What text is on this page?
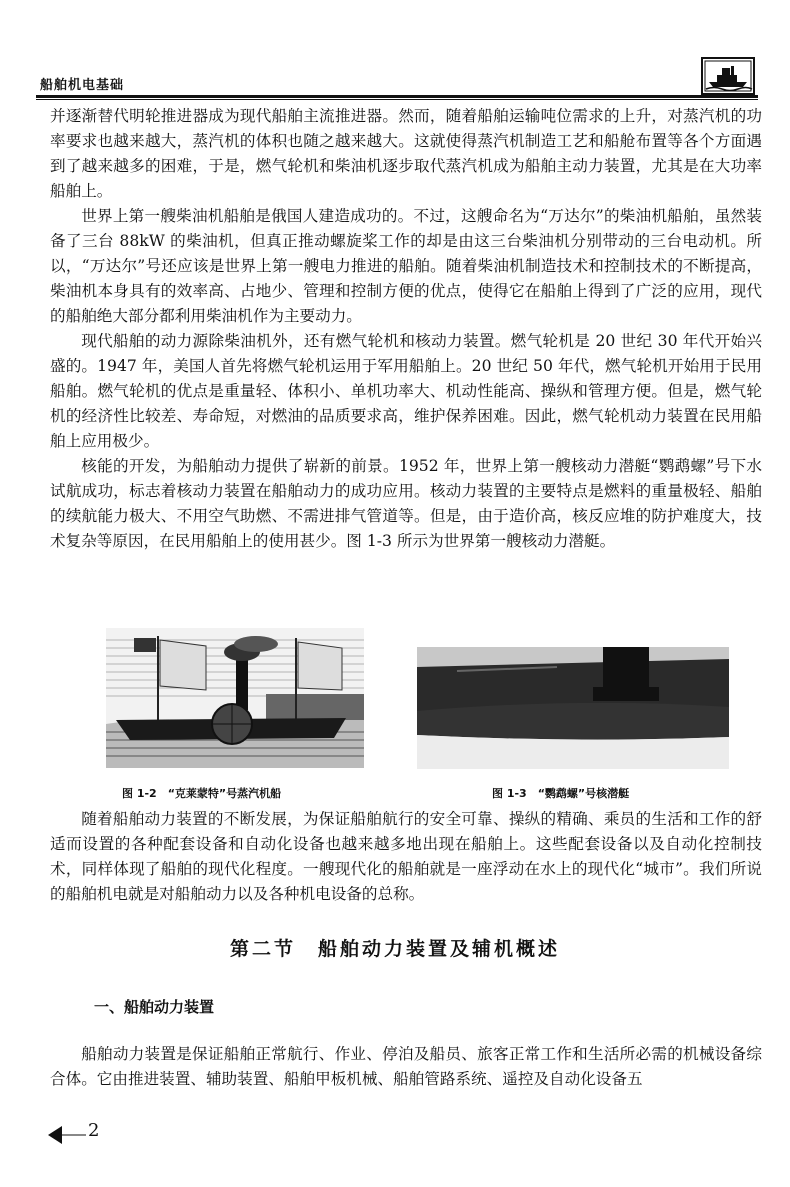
船舶机电基础

并逐渐替代明轮推进器成为现代船舶主流推进器。然而，随着船舶运输吨位需求的上升，对蒸汽机的功率要求也越来越大，蒸汽机的体积也随之越来越大。这就使得蒸汽机制造工艺和船舱布置等各个方面遇到了越来越多的困难，于是，燃气轮机和柴油机逐步取代蒸汽机成为船舶主动力装置，尤其是在大功率船舶上。

世界上第一艘柴油机船舶是俄国人建造成功的。不过，这艘命名为“万达尔”的柴油机船舶，虽然装备了三台 88kW 的柴油机，但真正推动螺旋桨工作的却是由这三台柴油机分别带动的三台电动机。所以，“万达尔”号还应该是世界上第一艘电力推进的船舶。随着柴油机制造技术和控制技术的不断提高，柴油机本身具有的效率高、占地少、管理和控制方便的优点，使得它在船舶上得到了广泛的应用，现代的船舶绝大部分都利用柴油机作为主要动力。

现代船舶的动力源除柴油机外，还有燃气轮机和核动力装置。燃气轮机是 20 世纪 30 年代开始兴盛的。1947 年，美国人首先将燃气轮机运用于军用船舶上。20 世纪 50 年代，燃气轮机开始用于民用船舶。燃气轮机的优点是重量轻、体积小、单机功率大、机动性能高、操纵和管理方便。但是，燃气轮机的经济性比较差、寿命短，对燃油的品质要求高，维护保养困难。因此，燃气轮机动力装置在民用船舶上应用极少。

核能的开发，为船舶动力提供了崭新的前景。1952 年，世界上第一艘核动力潜艇“鹦鹉螺”号下水试航成功，标志着核动力装置在船舶动力的成功应用。核动力装置的主要特点是燃料的重量极轻、船舶的续航能力极大、不用空气助燃、不需进排气管道等。但是，由于造价高，核反应堆的防护难度大，技术复杂等原因，在民用船舶上的使用甚少。图 1-3 所示为世界第一艘核动力潜艇。

图 1-2　“克莱蒙特”号蒸汽机船	图 1-3　“鹦鹉螺”号核潜艇

随着船舶动力装置的不断发展，为保证船舶航行的安全可靠、操纵的精确、乘员的生活和工作的舒适而设置的各种配套设备和自动化设备也越来越多地出现在船舶上。这些配套设备以及自动化控制技术，同样体现了船舶的现代化程度。一艘现代化的船舶就是一座浮动在水上的现代化“城市”。我们所说的船舶机电就是对船舶动力以及各种机电设备的总称。

第二节　船舶动力装置及辅机概述
一、船舶动力装置

船舶动力装置是保证船舶正常航行、作业、停泊及船员、旅客正常工作和生活所必需的机械设备综合体。它由推进装置、辅助装置、船舶甲板机械、船舶管路系统、遥控及自动化设备五

2
